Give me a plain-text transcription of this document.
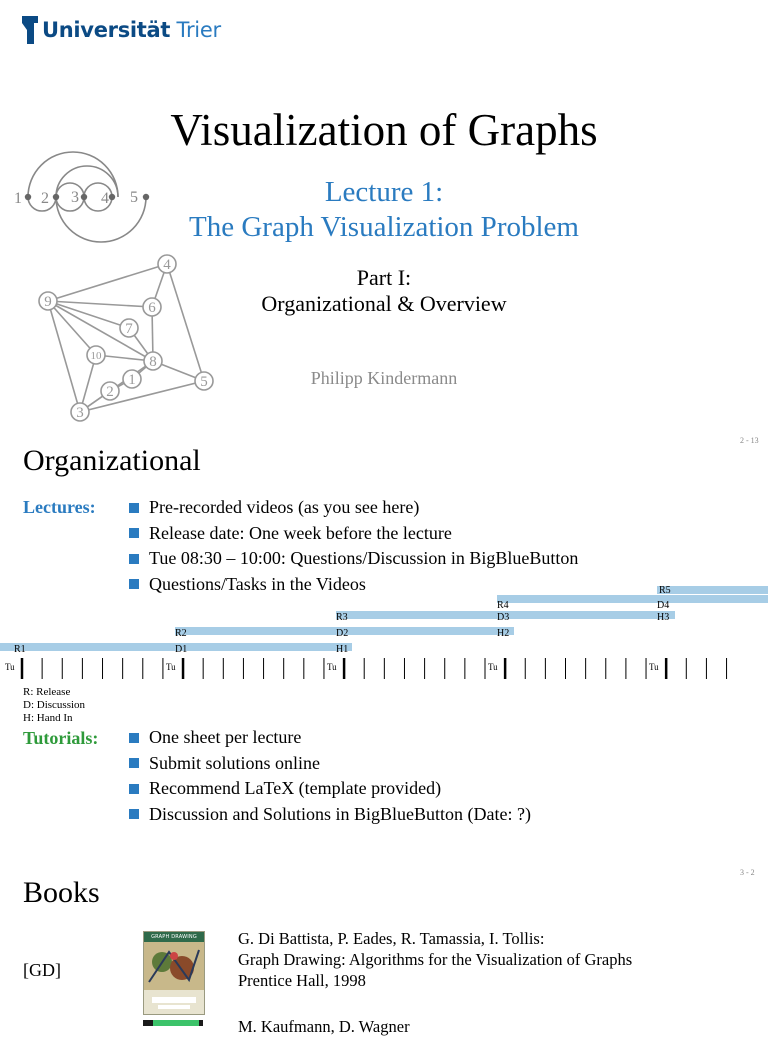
Universität Trier
Visualization of Graphs
Lecture 1:
The Graph Visualization Problem
Part I:
Organizational & Overview
Philipp Kindermann
1 2 3 4 5
9
4
6
7
10	8
1
2
3
5
2 - 13
Organizational
Lectures:	Pre-recorded videos (as you see here)
Release date: One week before the lecture
Tue 08:30 – 10:00: Questions/Discussion in BigBlueButton
Questions/Tasks in the Videos
R1	D1	H1
R2	D2	H2
R3	D3	H3
R4	D4
R5
Tu	Tu	Tu	Tu	Tu
R: Release
D: Discussion
H: Hand In
Tutorials:	One sheet per lecture
Submit solutions online
Recommend LaTeX (template provided)
Discussion and Solutions in BigBlueButton (Date: ?)
3 - 2
Books
[GD]
GRAPH DRAWING	G. Di Battista, P. Eades, R. Tamassia, I. Tollis:
Graph Drawing: Algorithms for the Visualization of Graphs
Prentice Hall, 1998
M. Kaufmann, D. Wagner
